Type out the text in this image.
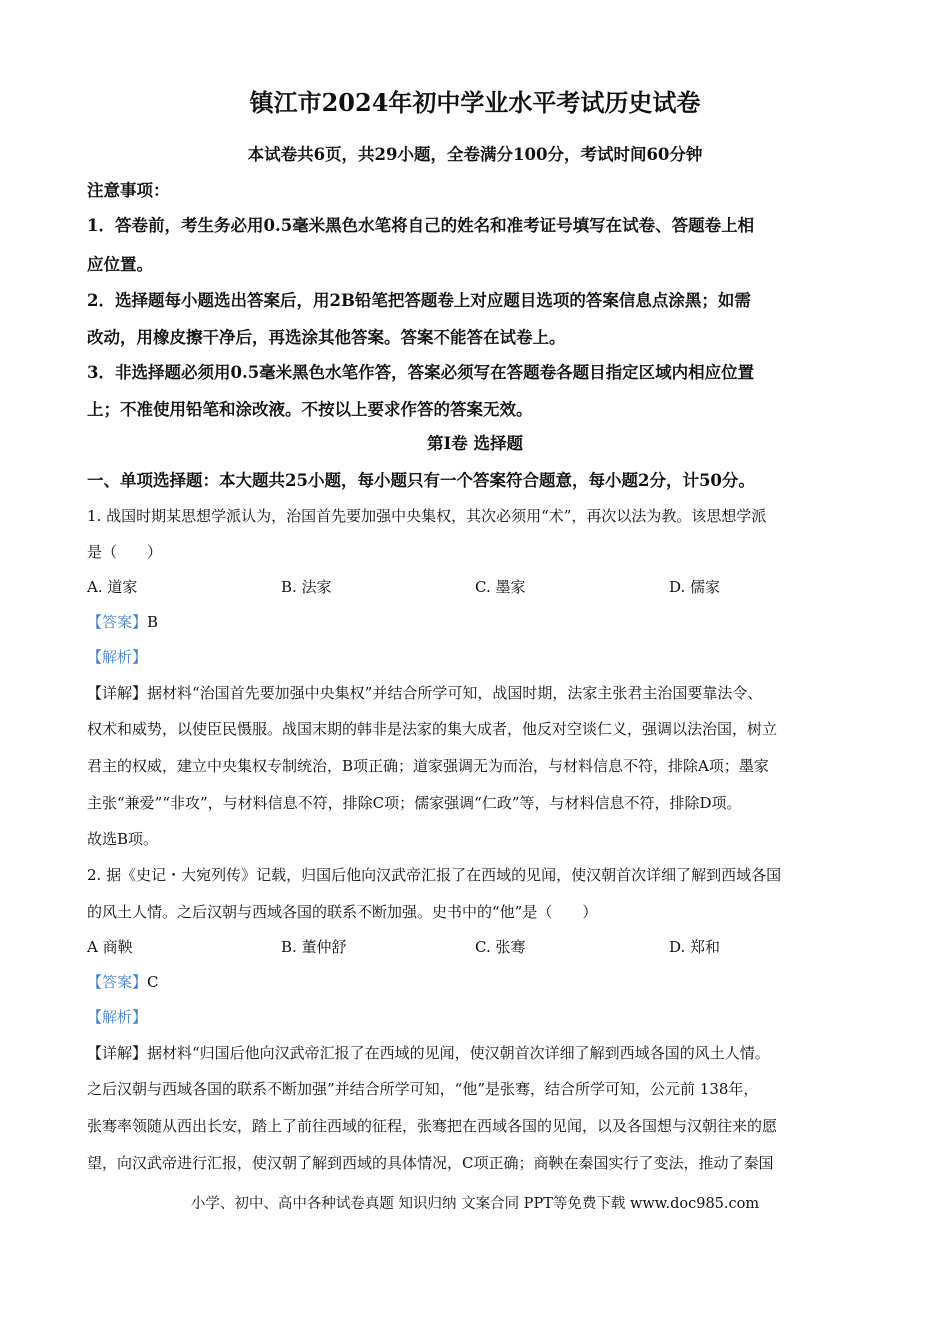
镇江市2024年初中学业水平考试历史试卷
本试卷共6页，共29小题，全卷满分100分，考试时间60分钟
注意事项：
1．答卷前，考生务必用0.5毫米黑色水笔将自己的姓名和准考证号填写在试卷、答题卷上相
应位置。
2．选择题每小题选出答案后，用2B铅笔把答题卷上对应题目选项的答案信息点涂黑；如需
改动，用橡皮擦干净后，再选涂其他答案。答案不能答在试卷上。
3．非选择题必须用0.5毫米黑色水笔作答，答案必须写在答题卷各题目指定区域内相应位置
上；不准使用铅笔和涂改液。不按以上要求作答的答案无效。
第Ⅰ卷 选择题
一、单项选择题：本大题共25小题，每小题只有一个答案符合题意，每小题2分，计50分。
1. 战国时期某思想学派认为，治国首先要加强中央集权，其次必须用“术”，再次以法为教。该思想学派
是（　　）
A. 道家	B. 法家	C. 墨家	D. 儒家
【答案】B
【解析】
【详解】据材料“治国首先要加强中央集权”并结合所学可知，战国时期，法家主张君主治国要靠法令、
权术和威势，以使臣民慑服。战国末期的韩非是法家的集大成者，他反对空谈仁义，强调以法治国，树立
君主的权威，建立中央集权专制统治，B项正确；道家强调无为而治，与材料信息不符，排除A项；墨家
主张“兼爱”“非攻”，与材料信息不符，排除C项；儒家强调“仁政”等，与材料信息不符，排除D项。
故选B项。
2. 据《史记・大宛列传》记载，归国后他向汉武帝汇报了在西域的见闻，使汉朝首次详细了解到西域各国
的风土人情。之后汉朝与西域各国的联系不断加强。史书中的“他”是（　　）
A 商鞅	B. 董仲舒	C. 张骞	D. 郑和
【答案】C
【解析】
【详解】据材料“归国后他向汉武帝汇报了在西域的见闻，使汉朝首次详细了解到西域各国的风土人情。
之后汉朝与西域各国的联系不断加强”并结合所学可知，“他”是张骞，结合所学可知，公元前 138年，
张骞率领随从西出长安，踏上了前往西域的征程，张骞把在西域各国的见闻，以及各国想与汉朝往来的愿
望，向汉武帝进行汇报，使汉朝了解到西域的具体情况，C项正确；商鞅在秦国实行了变法，推动了秦国
小学、初中、高中各种试卷真题 知识归纳 文案合同 PPT等免费下载 www.doc985.com
